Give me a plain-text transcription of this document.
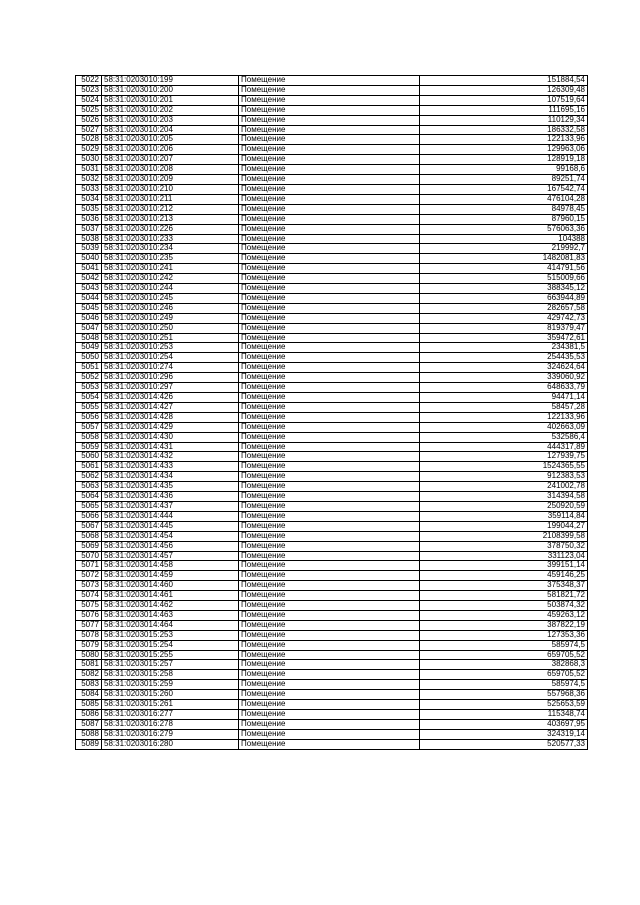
5022	58:31:0203010:199	Помещение	151884,54
5023	58:31:0203010:200	Помещение	126309,48
5024	58:31:0203010:201	Помещение	107519,64
5025	58:31:0203010:202	Помещение	111695,16
5026	58:31:0203010:203	Помещение	110129,34
5027	58:31:0203010:204	Помещение	186332,58
5028	58:31:0203010:205	Помещение	122133,96
5029	58:31:0203010:206	Помещение	129963,06
5030	58:31:0203010:207	Помещение	128919,18
5031	58:31:0203010:208	Помещение	99168,6
5032	58:31:0203010:209	Помещение	89251,74
5033	58:31:0203010:210	Помещение	167542,74
5034	58:31:0203010:211	Помещение	476104,28
5035	58:31:0203010:212	Помещение	84978,45
5036	58:31:0203010:213	Помещение	87960,15
5037	58:31:0203010:226	Помещение	576063,36
5038	58:31:0203010:233	Помещение	104388
5039	58:31:0203010:234	Помещение	219992,7
5040	58:31:0203010:235	Помещение	1482081,83
5041	58:31:0203010:241	Помещение	414791,56
5042	58:31:0203010:242	Помещение	515009,66
5043	58:31:0203010:244	Помещение	388345,12
5044	58:31:0203010:245	Помещение	663944,89
5045	58:31:0203010:246	Помещение	282657,58
5046	58:31:0203010:249	Помещение	429742,73
5047	58:31:0203010:250	Помещение	819379,47
5048	58:31:0203010:251	Помещение	359472,61
5049	58:31:0203010:253	Помещение	234381,5
5050	58:31:0203010:254	Помещение	254435,53
5051	58:31:0203010:274	Помещение	324624,64
5052	58:31:0203010:296	Помещение	339060,92
5053	58:31:0203010:297	Помещение	648633,79
5054	58:31:0203014:426	Помещение	94471,14
5055	58:31:0203014:427	Помещение	58457,28
5056	58:31:0203014:428	Помещение	122133,96
5057	58:31:0203014:429	Помещение	402663,09
5058	58:31:0203014:430	Помещение	532586,4
5059	58:31:0203014:431	Помещение	444317,89
5060	58:31:0203014:432	Помещение	127939,75
5061	58:31:0203014:433	Помещение	1524365,55
5062	58:31:0203014:434	Помещение	912383,53
5063	58:31:0203014:435	Помещение	241002,78
5064	58:31:0203014:436	Помещение	314394,58
5065	58:31:0203014:437	Помещение	250920,59
5066	58:31:0203014:444	Помещение	359114,84
5067	58:31:0203014:445	Помещение	199044,27
5068	58:31:0203014:454	Помещение	2108399,58
5069	58:31:0203014:456	Помещение	378750,32
5070	58:31:0203014:457	Помещение	331123,04
5071	58:31:0203014:458	Помещение	399151,14
5072	58:31:0203014:459	Помещение	459146,25
5073	58:31:0203014:460	Помещение	375348,37
5074	58:31:0203014:461	Помещение	581821,72
5075	58:31:0203014:462	Помещение	503874,32
5076	58:31:0203014:463	Помещение	459263,12
5077	58:31:0203014:464	Помещение	387822,19
5078	58:31:0203015:253	Помещение	127353,36
5079	58:31:0203015:254	Помещение	585974,5
5080	58:31:0203015:255	Помещение	659705,52
5081	58:31:0203015:257	Помещение	382868,3
5082	58:31:0203015:258	Помещение	659705,52
5083	58:31:0203015:259	Помещение	585974,5
5084	58:31:0203015:260	Помещение	557968,36
5085	58:31:0203015:261	Помещение	525653,59
5086	58:31:0203016:277	Помещение	115348,74
5087	58:31:0203016:278	Помещение	403697,95
5088	58:31:0203016:279	Помещение	324319,14
5089	58:31:0203016:280	Помещение	520577,33
